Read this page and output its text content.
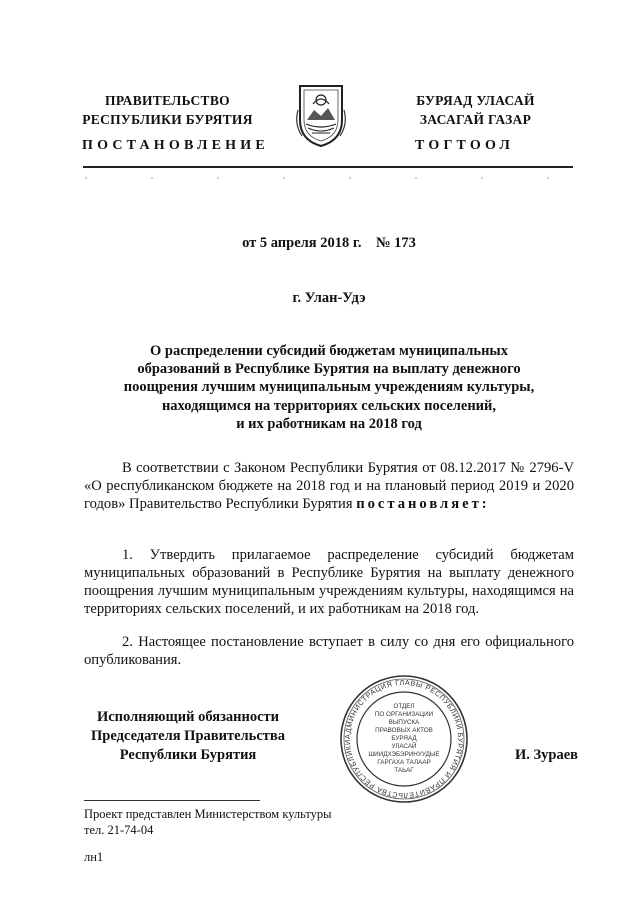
ПРАВИТЕЛЬСТВО
РЕСПУБЛИКИ БУРЯТИЯ
БУРЯАД УЛАСАЙ
ЗАСАГАЙ ГАЗАР
ПОСТАНОВЛЕНИЕ	ТОГТООЛ
от 5 апреля 2018 г.    № 173
г. Улан-Удэ
О распределении субсидий бюджетам муниципальных
образований в Республике Бурятия на выплату денежного
поощрения лучшим муниципальным учреждениям культуры,
находящимся на территориях сельских поселений,
и их работникам на 2018 год
В соответствии с Законом Республики Бурятия от 08.12.2017 № 2796-V «О республиканском бюджете на 2018 год и на плановый период 2019 и 2020 годов» Правительство Республики Бурятия постановляет:
1. Утвердить прилагаемое распределение субсидий бюджетам муниципальных образований в Республике Бурятия на выплату денежного поощрения лучшим муниципальным учреждениям культуры, находящимся на территориях сельских поселений, и их работникам на 2018 год.
2. Настоящее постановление вступает в силу со дня его официального опубликования.
Исполняющий обязанности
Председателя Правительства
Республики Бурятия
АДМИНИСТРАЦИЯ ГЛАВЫ РЕСПУБЛИКИ БУРЯТИЯ И ПРАВИТЕЛЬСТВА РЕСПУБЛИКИ
ОТДЕЛ
ПО ОРГАНИЗАЦИИ
ВЫПУСКА
ПРАВОВЫХ АКТОВ
БУРЯАД
УЛАСАЙ
ШИИДХЭБЭРИНУУДЫЕ
ГАРГАХА ТАЛААР
ТАЬАГ
И. Зураев
Проект представлен Министерством культуры
тел. 21-74-04
лн1
